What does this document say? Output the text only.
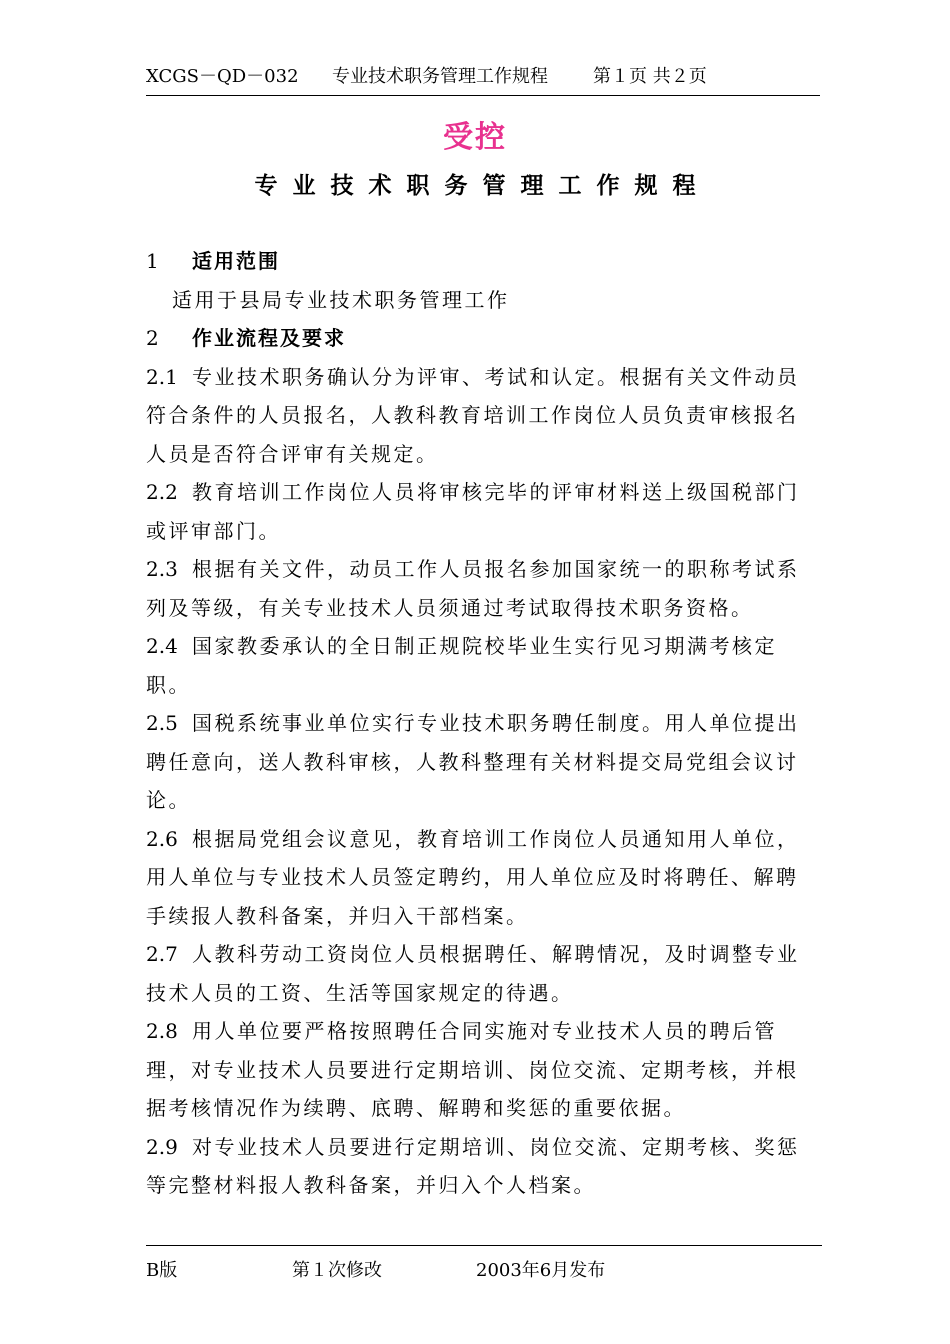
XCGS－QD－032 专业技术职务管理工作规程	第１页 共２页
受控
专业技术职务管理工作规程
1 适用范围
适用于县局专业技术职务管理工作
2 作业流程及要求
2.1 专业技术职务确认分为评审、考试和认定。根据有关文件动员符合条件的人员报名，人教科教育培训工作岗位人员负责审核报名人员是否符合评审有关规定。
2.2 教育培训工作岗位人员将审核完毕的评审材料送上级国税部门或评审部门。
2.3 根据有关文件，动员工作人员报名参加国家统一的职称考试系列及等级，有关专业技术人员须通过考试取得技术职务资格。
2.4 国家教委承认的全日制正规院校毕业生实行见习期满考核定职。
2.5 国税系统事业单位实行专业技术职务聘任制度。用人单位提出聘任意向，送人教科审核，人教科整理有关材料提交局党组会议讨论。
2.6 根据局党组会议意见，教育培训工作岗位人员通知用人单位，用人单位与专业技术人员签定聘约，用人单位应及时将聘任、解聘手续报人教科备案，并归入干部档案。
2.7 人教科劳动工资岗位人员根据聘任、解聘情况，及时调整专业技术人员的工资、生活等国家规定的待遇。
2.8 用人单位要严格按照聘任合同实施对专业技术人员的聘后管理，对专业技术人员要进行定期培训、岗位交流、定期考核，并根据考核情况作为续聘、底聘、解聘和奖惩的重要依据。
2.9 对专业技术人员要进行定期培训、岗位交流、定期考核、奖惩等完整材料报人教科备案，并归入个人档案。
B版	第１次修改	2003年6月发布
